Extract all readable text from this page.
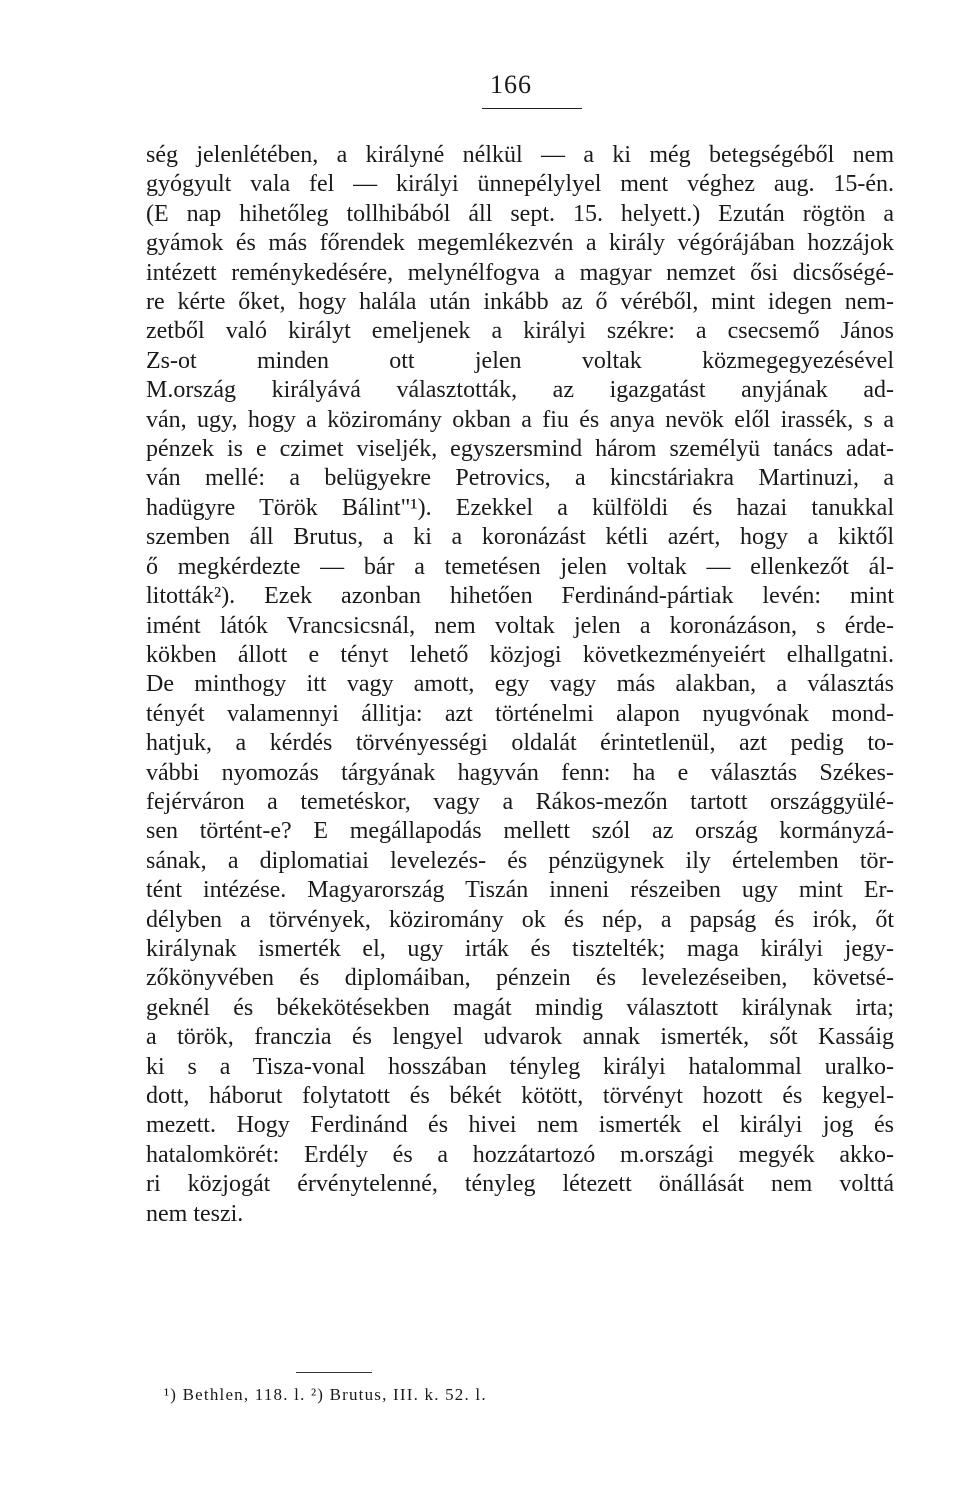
166
ség jelenlétében, a királyné nélkül — a ki még betegségéből nem
gyógyult vala fel — királyi ünnepélylyel ment véghez aug. 15-én.
(E nap hihetőleg tollhibából áll sept. 15. helyett.) Ezután rögtön a
gyámok és más főrendek megemlékezvén a király végórájában hozzájok
intézett reménykedésére, melynélfogva a magyar nemzet ősi dicsőségé-
re kérte őket, hogy halála után inkább az ő véréből, mint idegen nem-
zetből való királyt emeljenek a királyi székre: a csecsemő János
Zs-ot minden ott jelen voltak közmegegyezésével
M.ország királyává választották, az igazgatást anyjának ad-
ván, ugy, hogy a köziromány okban a fiu és anya nevök elől irassék, s a
pénzek is e czimet viseljék, egyszersmind három személyü tanács adat-
ván mellé: a belügyekre Petrovics, a kincstáriakra Martinuzi, a
hadügyre Török Bálint"¹). Ezekkel a külföldi és hazai tanukkal
szemben áll Brutus, a ki a koronázást kétli azért, hogy a kiktől
ő megkérdezte — bár a temetésen jelen voltak — ellenkezőt ál-
litották²). Ezek azonban hihetően Ferdinánd-pártiak levén: mint
imént látók Vrancsicsnál, nem voltak jelen a koronázáson, s érde-
kökben állott e tényt lehető közjogi következményeiért elhallgatni.
De minthogy itt vagy amott, egy vagy más alakban, a választás
tényét valamennyi állitja: azt történelmi alapon nyugvónak mond-
hatjuk, a kérdés törvényességi oldalát érintetlenül, azt pedig to-
vábbi nyomozás tárgyának hagyván fenn: ha e választás Székes-
fejérváron a temetéskor, vagy a Rákos-mezőn tartott országgyülé-
sen történt-e? E megállapodás mellett szól az ország kormányzá-
sának, a diplomatiai levelezés- és pénzügynek ily értelemben tör-
tént intézése. Magyarország Tiszán inneni részeiben ugy mint Er-
délyben a törvények, köziromány ok és nép, a papság és irók, őt
királynak ismerték el, ugy irták és tisztelték; maga királyi jegy-
zőkönyvében és diplomáiban, pénzein és levelezéseiben, követsé-
geknél és békekötésekben magát mindig választott királynak irta;
a török, franczia és lengyel udvarok annak ismerték, sőt Kassáig
ki s a Tisza-vonal hosszában tényleg királyi hatalommal uralko-
dott, háborut folytatott és békét kötött, törvényt hozott és kegyel-
mezett. Hogy Ferdinánd és hivei nem ismerték el királyi jog és
hatalomkörét: Erdély és a hozzátartozó m.országi megyék akko-
ri közjogát érvénytelenné, tényleg létezett önállását nem volttá
nem teszi.
¹) Bethlen, 118. l. ²) Brutus, III. k. 52. l.
